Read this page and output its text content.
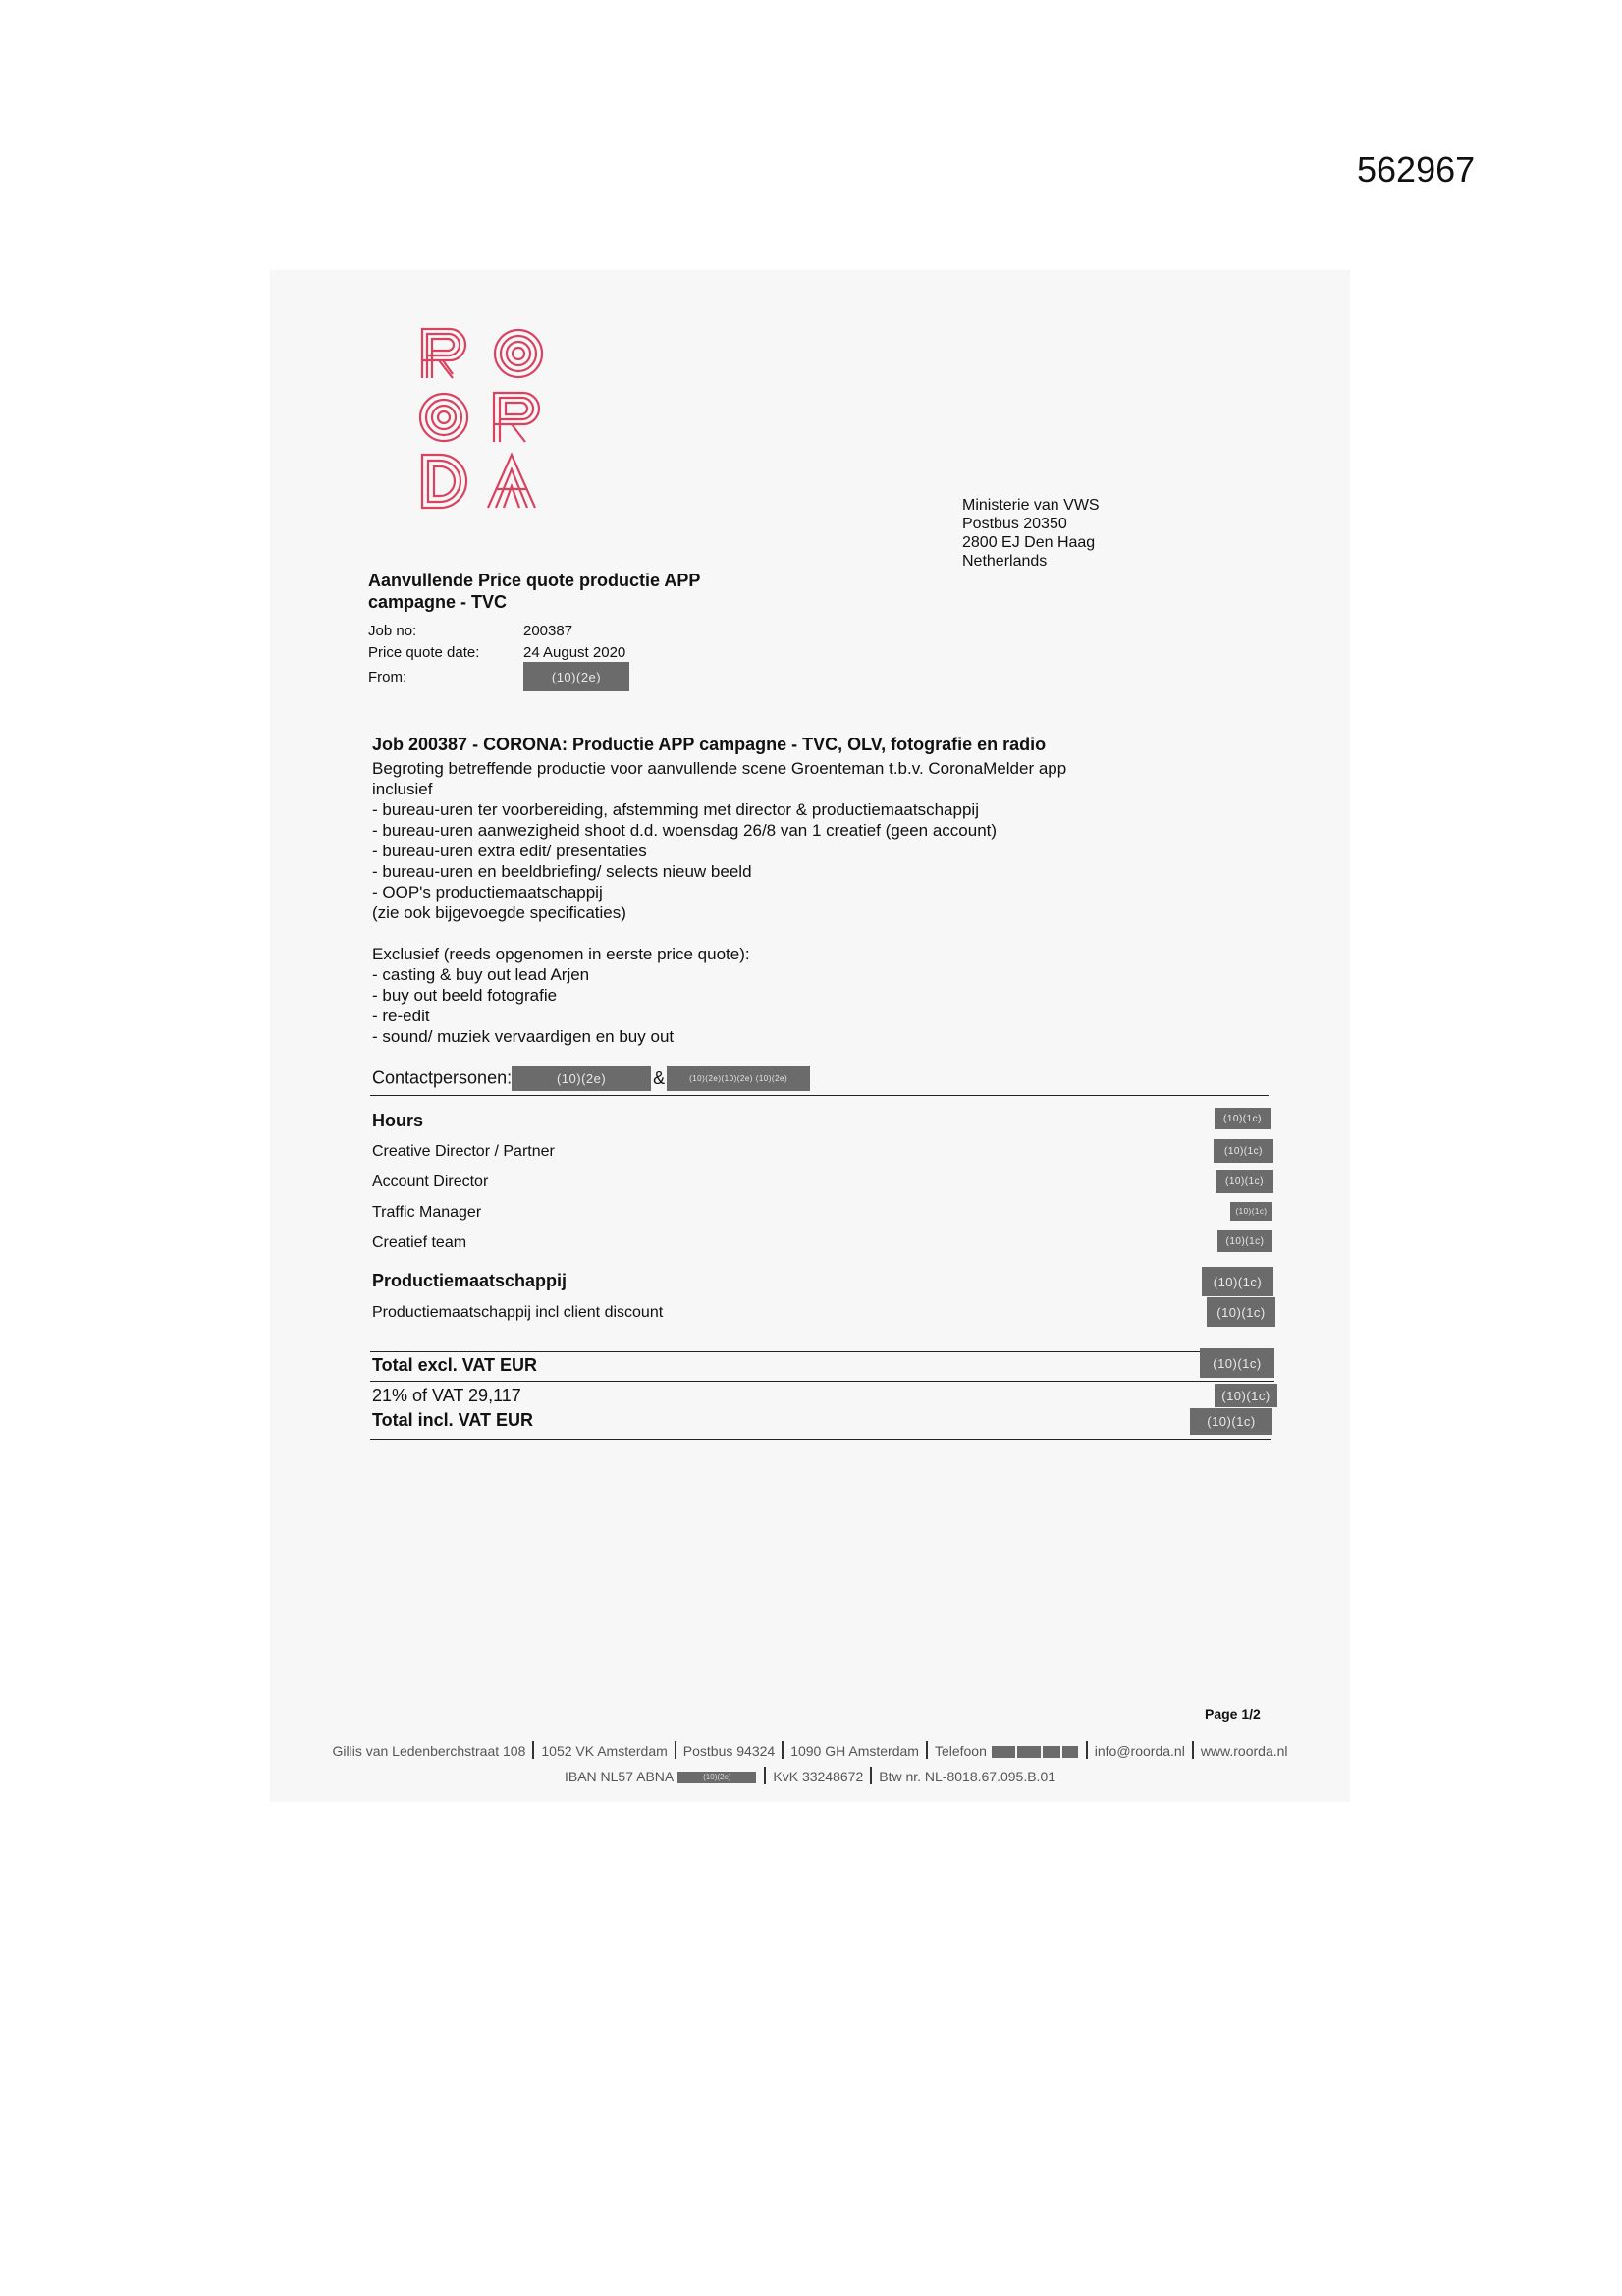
562967
Ministerie van VWS
Postbus 20350
2800 EJ Den Haag
Netherlands
Aanvullende Price quote productie APP campagne - TVC
Job no:	200387
Price quote date:	24 August 2020
From:	(10)(2e)
Job 200387 - CORONA: Productie APP campagne - TVC, OLV, fotografie en radio
Begroting betreffende productie voor aanvullende scene Groenteman t.b.v. CoronaMelder app
inclusief
- bureau-uren ter voorbereiding, afstemming met director & productiemaatschappij
- bureau-uren aanwezigheid shoot d.d. woensdag 26/8 van 1 creatief (geen account)
- bureau-uren extra edit/ presentaties
- bureau-uren en beeldbriefing/ selects nieuw beeld
- OOP's productiemaatschappij
(zie ook bijgevoegde specificaties)
Exclusief (reeds opgenomen in eerste price quote):
- casting & buy out lead Arjen
- buy out beeld fotografie
- re-edit
- sound/ muziek vervaardigen en buy out
Contactpersonen:	(10)(2e)	&	(10)(2e)(10)(2e) (10)(2e)
Hours	(10)(1c)
Creative Director / Partner	(10)(1c)
Account Director	(10)(1c)
Traffic Manager	(10)(1c)
Creatief team	(10)(1c)
Productiemaatschappij	(10)(1c)
Productiemaatschappij incl client discount	(10)(1c)
Total excl. VAT EUR	(10)(1c)
21% of VAT 29,117	(10)(1c)
Total incl. VAT EUR	(10)(1c)
Page 1/2
Gillis van Ledenberchstraat 108 1052 VK Amsterdam Postbus 94324 1090 GH Amsterdam Telefoon	info@roorda.nl www.roorda.nl
IBAN NL57 ABNA	(10)(2e)	KvK 33248672 Btw nr. NL-8018.67.095.B.01
